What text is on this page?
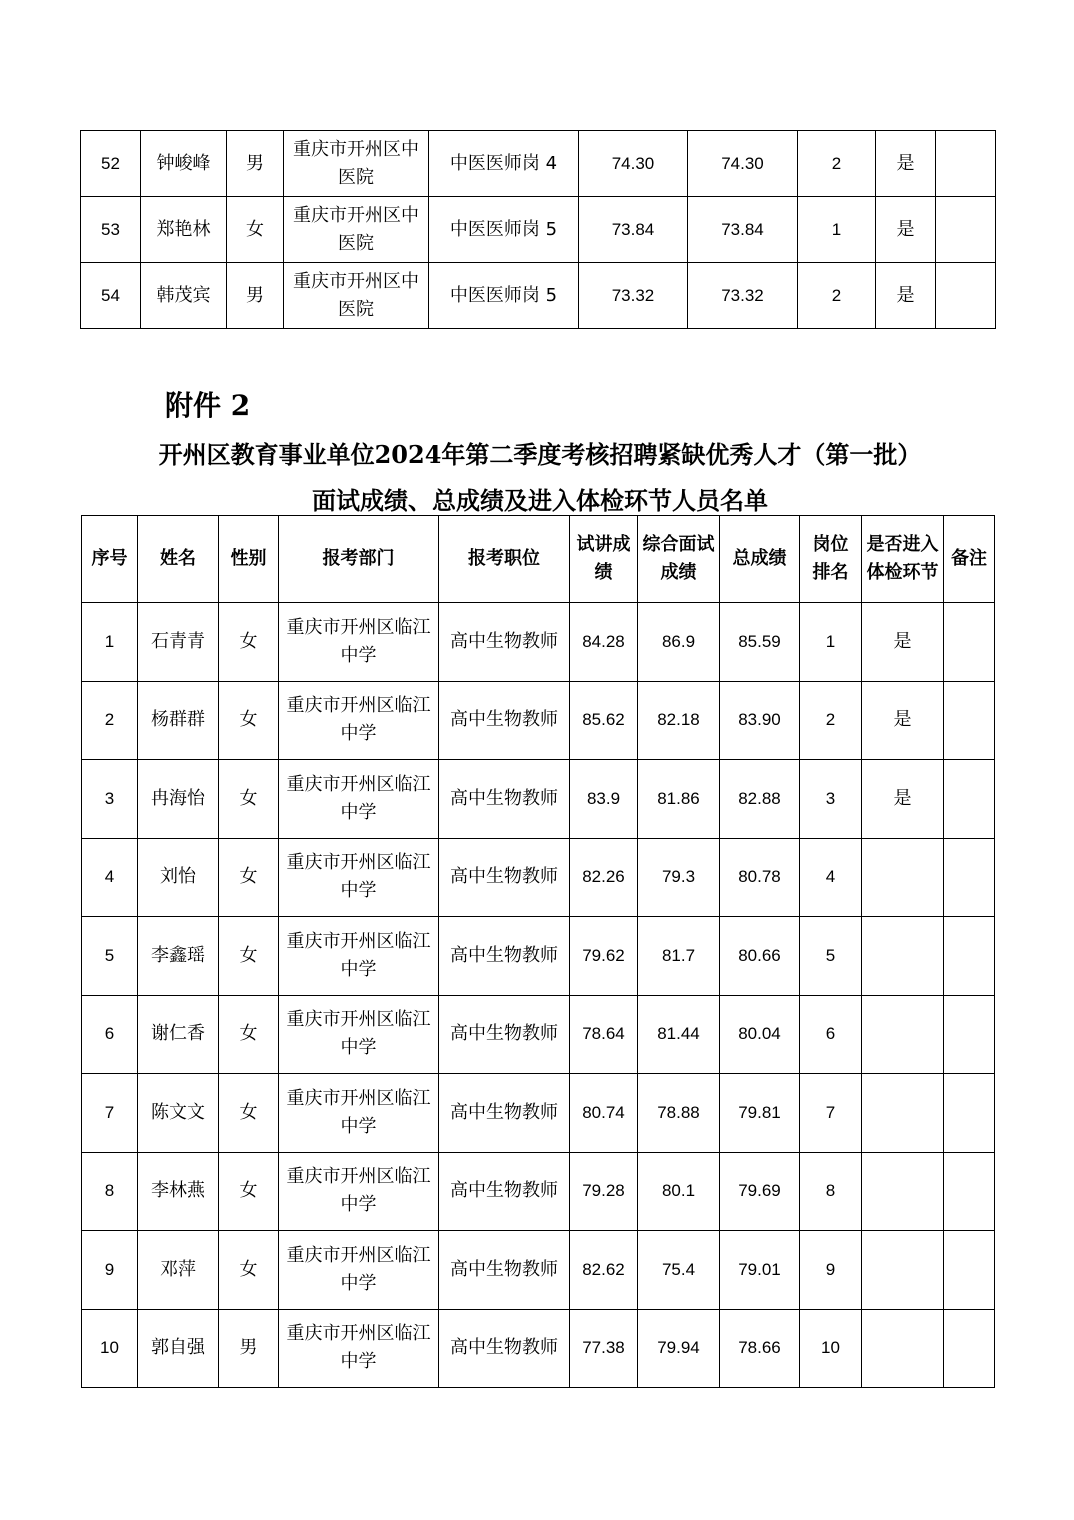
52	钟峻峰	男	重庆市开州区中医院	中医医师岗 4	74.30	74.30	2	是	
53	郑艳林	女	重庆市开州区中医院	中医医师岗 5	73.84	73.84	1	是	
54	韩茂宾	男	重庆市开州区中医院	中医医师岗 5	73.32	73.32	2	是	
附件 2
开州区教育事业单位2024年第二季度考核招聘紧缺优秀人才（第一批）面试成绩、总成绩及进入体检环节人员名单
序号	姓名	性别	报考部门	报考职位	试讲成绩	综合面试成绩	总成绩	岗位排名	是否进入体检环节	备注
1	石青青	女	重庆市开州区临江中学	高中生物教师	84.28	86.9	85.59	1	是	
2	杨群群	女	重庆市开州区临江中学	高中生物教师	85.62	82.18	83.90	2	是	
3	冉海怡	女	重庆市开州区临江中学	高中生物教师	83.9	81.86	82.88	3	是	
4	刘怡	女	重庆市开州区临江中学	高中生物教师	82.26	79.3	80.78	4		
5	李鑫瑶	女	重庆市开州区临江中学	高中生物教师	79.62	81.7	80.66	5		
6	谢仁香	女	重庆市开州区临江中学	高中生物教师	78.64	81.44	80.04	6		
7	陈文文	女	重庆市开州区临江中学	高中生物教师	80.74	78.88	79.81	7		
8	李林燕	女	重庆市开州区临江中学	高中生物教师	79.28	80.1	79.69	8		
9	邓萍	女	重庆市开州区临江中学	高中生物教师	82.62	75.4	79.01	9		
10	郭自强	男	重庆市开州区临江中学	高中生物教师	77.38	79.94	78.66	10		
